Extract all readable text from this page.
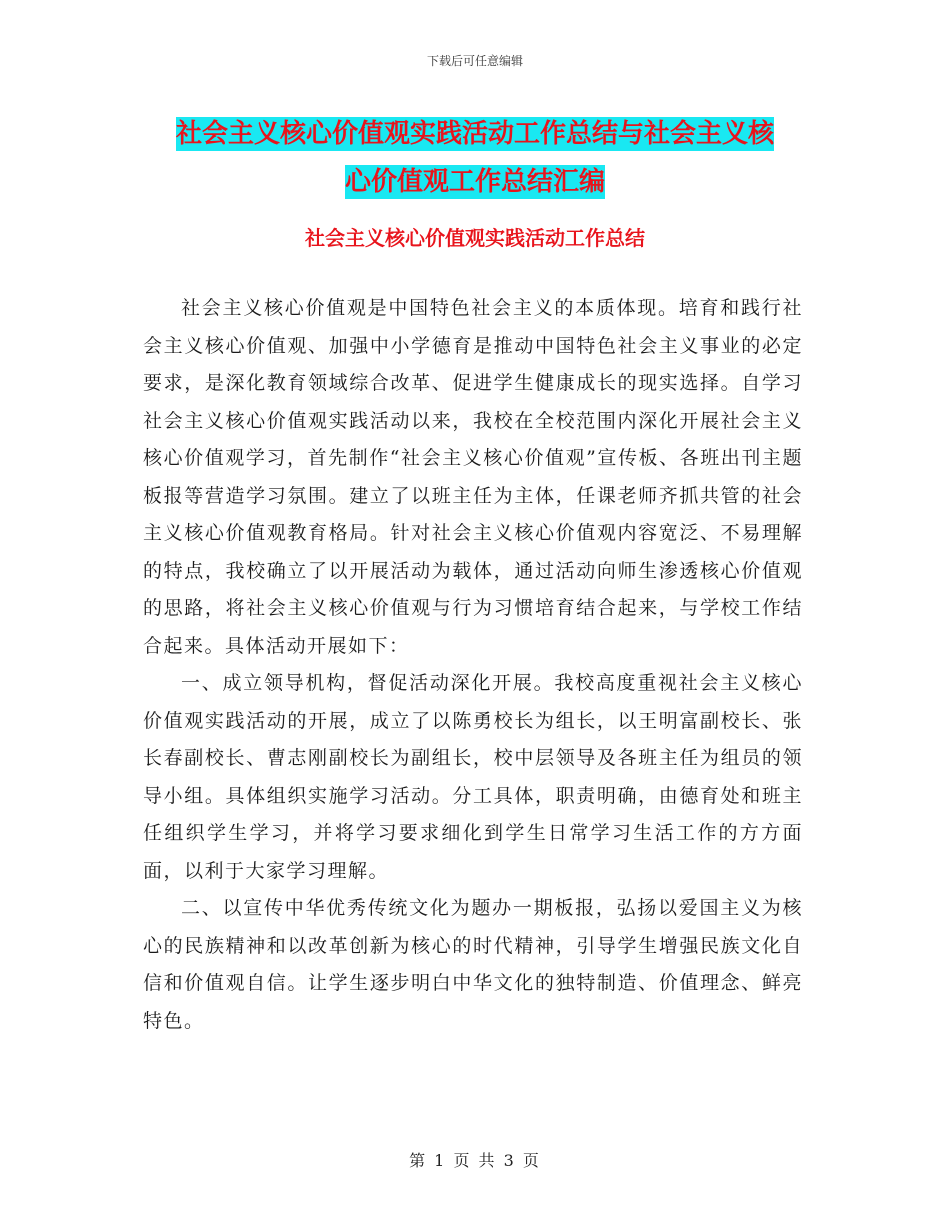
下载后可任意编辑
社会主义核心价值观实践活动工作总结与社会主义核
心价值观工作总结汇编
社会主义核心价值观实践活动工作总结

社会主义核心价值观是中国特色社会主义的本质体现。培育和践行社会主义核心价值观、加强中小学德育是推动中国特色社会主义事业的必定要求，是深化教育领域综合改革、促进学生健康成长的现实选择。自学习社会主义核心价值观实践活动以来，我校在全校范围内深化开展社会主义核心价值观学习，首先制作“社会主义核心价值观”宣传板、各班出刊主题板报等营造学习氛围。建立了以班主任为主体，任课老师齐抓共管的社会主义核心价值观教育格局。针对社会主义核心价值观内容宽泛、不易理解的特点，我校确立了以开展活动为载体，通过活动向师生渗透核心价值观的思路，将社会主义核心价值观与行为习惯培育结合起来，与学校工作结合起来。具体活动开展如下：

一、成立领导机构，督促活动深化开展。我校高度重视社会主义核心价值观实践活动的开展，成立了以陈勇校长为组长，以王明富副校长、张长春副校长、曹志刚副校长为副组长，校中层领导及各班主任为组员的领导小组。具体组织实施学习活动。分工具体，职责明确，由德育处和班主任组织学生学习，并将学习要求细化到学生日常学习生活工作的方方面面，以利于大家学习理解。

二、以宣传中华优秀传统文化为题办一期板报，弘扬以爱国主义为核心的民族精神和以改革创新为核心的时代精神，引导学生增强民族文化自信和价值观自信。让学生逐步明白中华文化的独特制造、价值理念、鲜亮特色。

第 1 页 共 3 页
